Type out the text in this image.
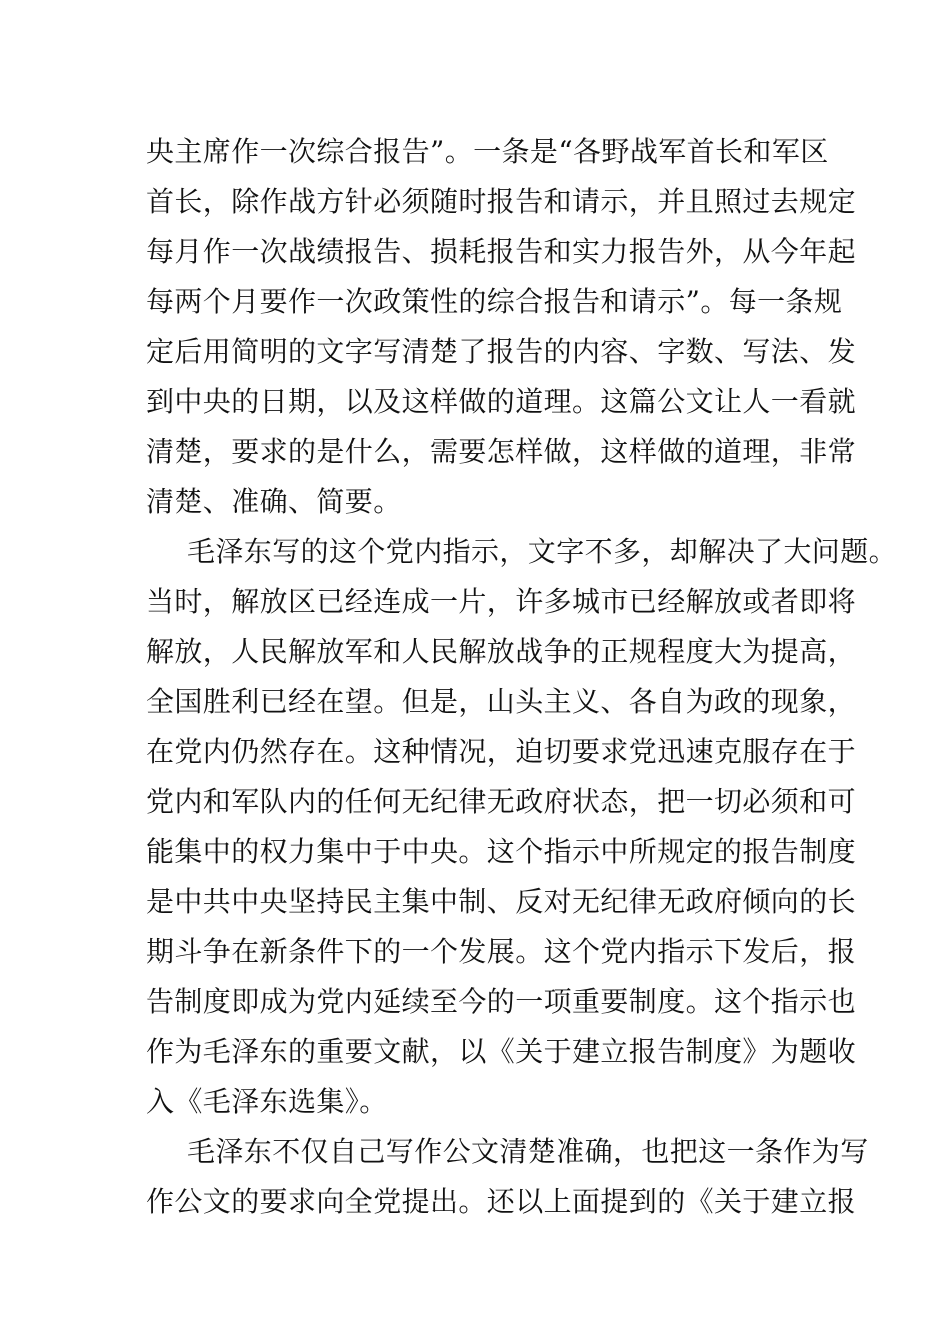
央主席作一次综合报告”。一条是“各野战军首长和军区
首长，除作战方针必须随时报告和请示，并且照过去规定
每月作一次战绩报告、损耗报告和实力报告外，从今年起
每两个月要作一次政策性的综合报告和请示”。每一条规
定后用简明的文字写清楚了报告的内容、字数、写法、发
到中央的日期，以及这样做的道理。这篇公文让人一看就
清楚，要求的是什么，需要怎样做，这样做的道理，非常
清楚、准确、简要。
毛泽东写的这个党内指示，文字不多，却解决了大问题。
当时，解放区已经连成一片，许多城市已经解放或者即将
解放，人民解放军和人民解放战争的正规程度大为提高，
全国胜利已经在望。但是，山头主义、各自为政的现象，
在党内仍然存在。这种情况，迫切要求党迅速克服存在于
党内和军队内的任何无纪律无政府状态，把一切必须和可
能集中的权力集中于中央。这个指示中所规定的报告制度
是中共中央坚持民主集中制、反对无纪律无政府倾向的长
期斗争在新条件下的一个发展。这个党内指示下发后，报
告制度即成为党内延续至今的一项重要制度。这个指示也
作为毛泽东的重要文献，以《关于建立报告制度》为题收
入《毛泽东选集》。
毛泽东不仅自己写作公文清楚准确，也把这一条作为写
作公文的要求向全党提出。还以上面提到的《关于建立报
